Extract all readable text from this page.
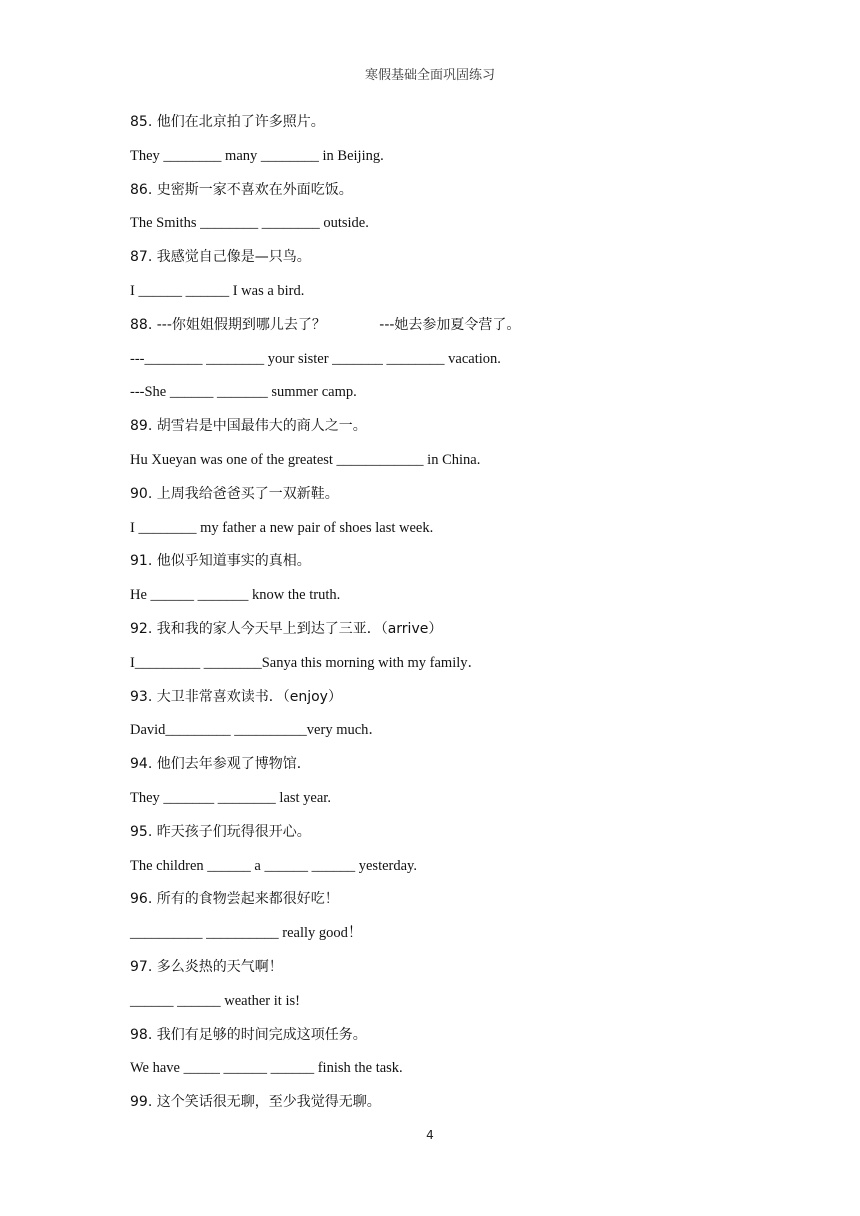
寒假基础全面巩固练习
85. 他们在北京拍了许多照片。
They ________ many ________ in Beijing.
86. 史密斯一家不喜欢在外面吃饭。
The Smiths ________ ________ outside.
87. 我感觉自己像是—只鸟。
I ______ ______ I was a bird.
88. ---你姐姐假期到哪儿去了？            ---她去参加夏令营了。
---________ ________ your sister _______ ________ vacation.
---She ______ _______ summer camp.
89. 胡雪岩是中国最伟大的商人之一。
Hu Xueyan was one of the greatest ____________ in China.
90. 上周我给爸爸买了一双新鞋。
I ________ my father a new pair of shoes last week.
91. 他似乎知道事实的真相。
He ______ _______ know the truth.
92. 我和我的家人今天早上到达了三亚．（arrive）
I_________ ________Sanya this morning with my family．
93. 大卫非常喜欢读书．（enjoy）
David_________ __________very much．
94. 他们去年参观了博物馆．
They _______ ________ last year.
95. 昨天孩子们玩得很开心。
The children ______ a ______ ______ yesterday.
96. 所有的食物尝起来都很好吃！
__________ __________ really good！
97. 多么炎热的天气啊！
______ ______ weather it is!
98. 我们有足够的时间完成这项任务。
We have _____ ______ ______ finish the task.
99. 这个笑话很无聊，至少我觉得无聊。
4
